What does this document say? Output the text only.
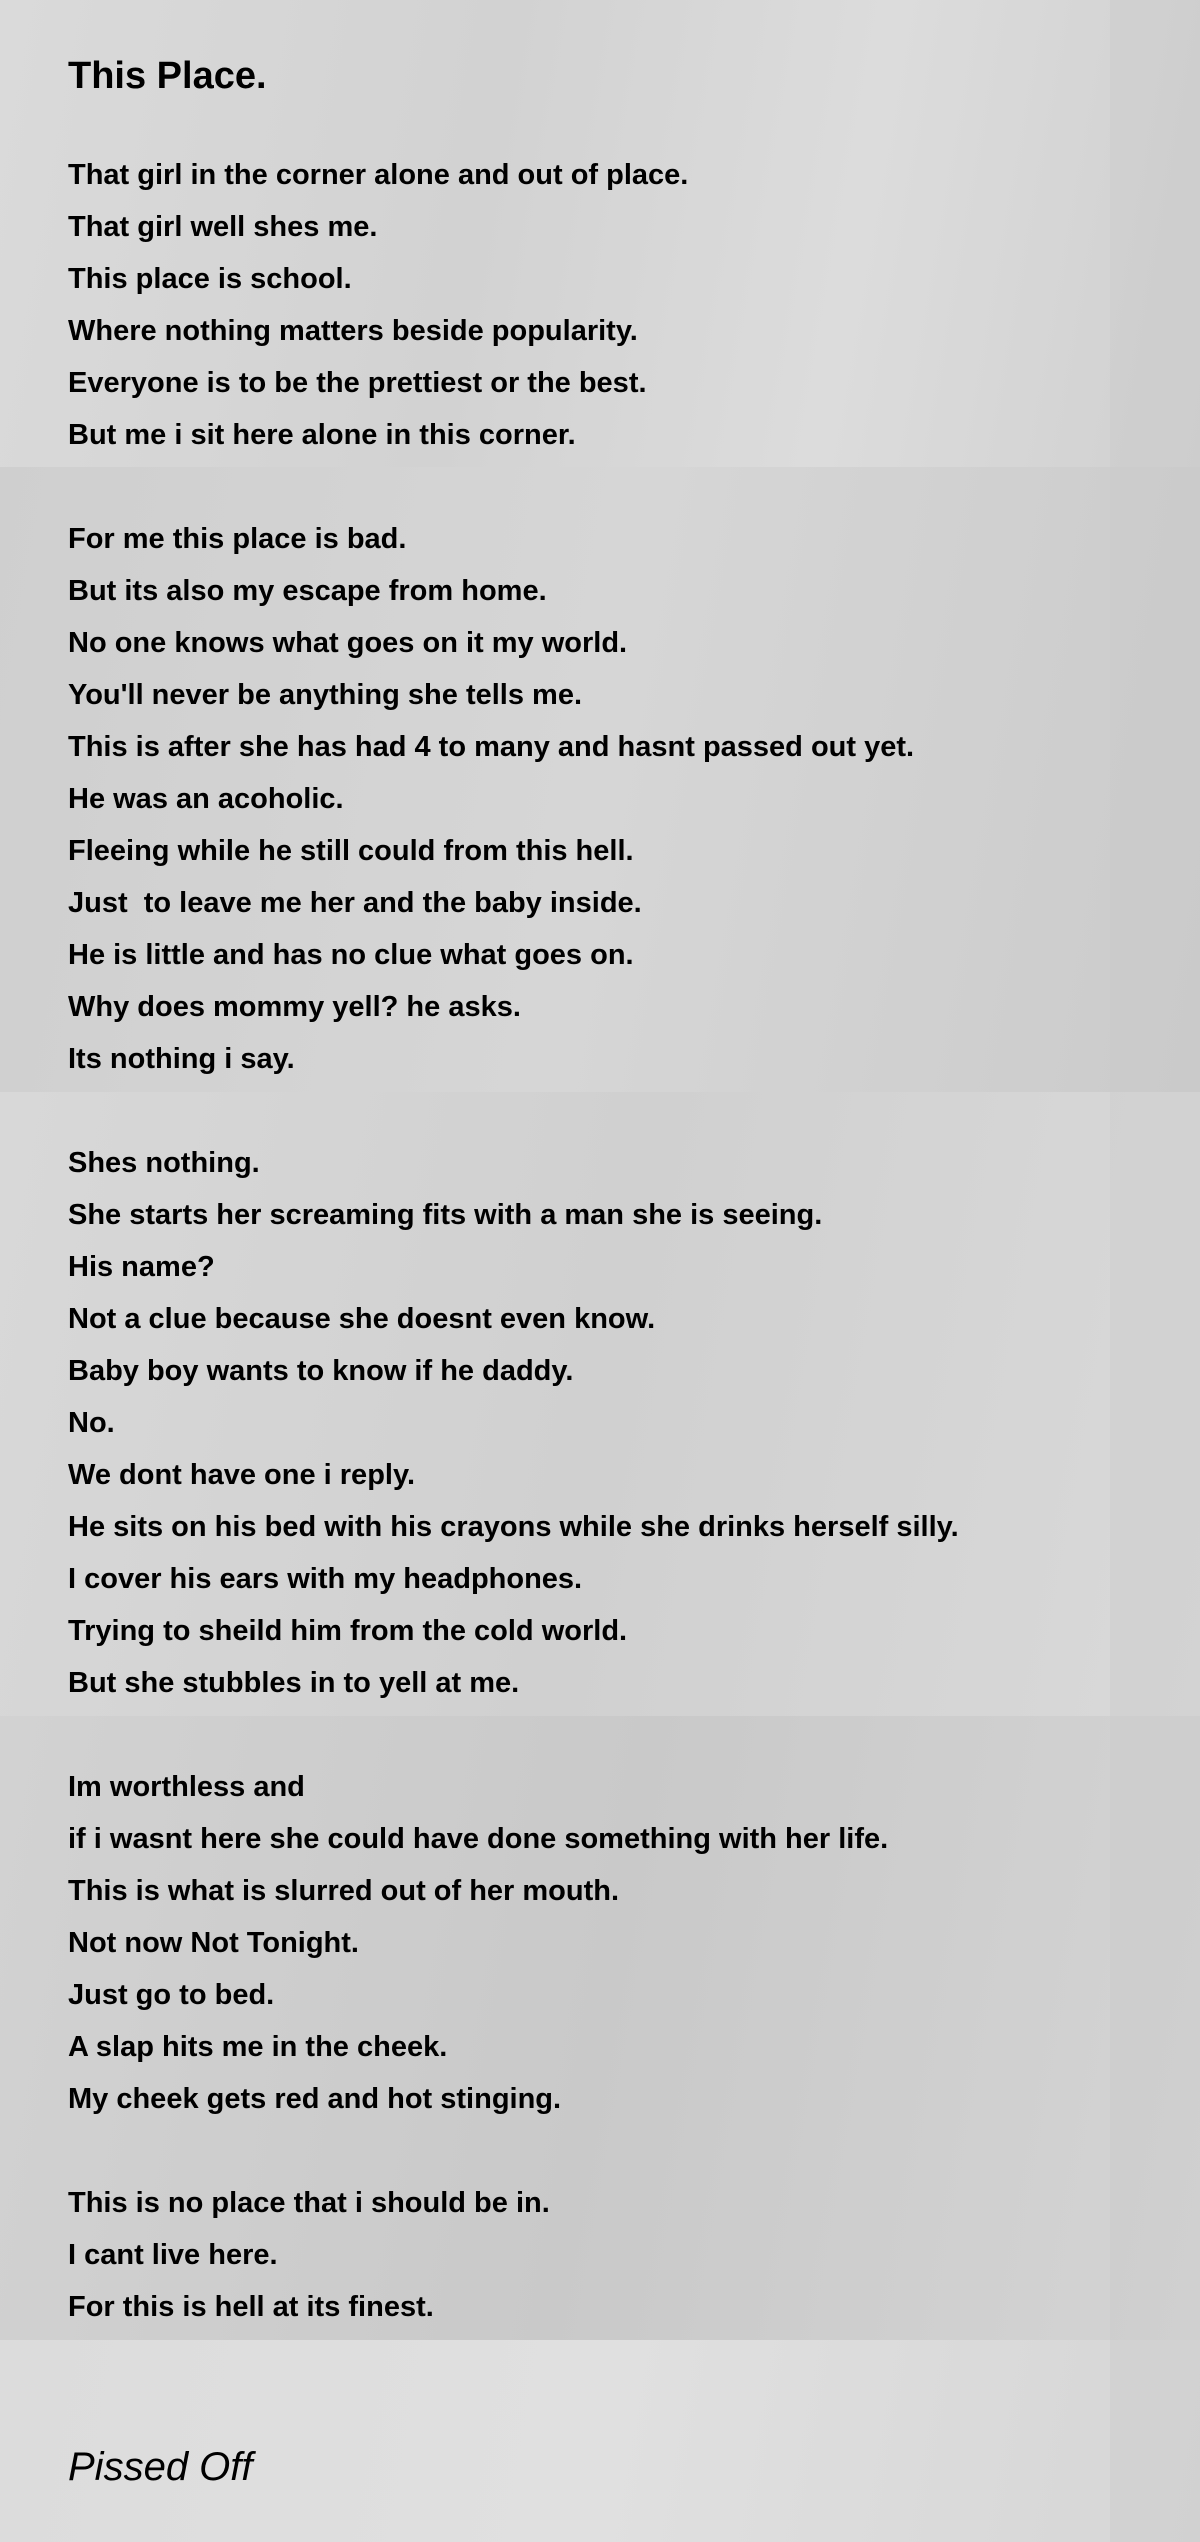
This Place.
That girl in the corner alone and out of place.
That girl well shes me.
This place is school.
Where nothing matters beside popularity.
Everyone is to be the prettiest or the best.
But me i sit here alone in this corner.
For me this place is bad.
But its also my escape from home.
No one knows what goes on it my world.
You'll never be anything she tells me.
This is after she has had 4 to many and hasnt passed out yet.
He was an acoholic.
Fleeing while he still could from this hell.
Just  to leave me her and the baby inside.
He is little and has no clue what goes on.
Why does mommy yell? he asks.
Its nothing i say.
Shes nothing.
She starts her screaming fits with a man she is seeing.
His name?
Not a clue because she doesnt even know.
Baby boy wants to know if he daddy.
No.
We dont have one i reply.
He sits on his bed with his crayons while she drinks herself silly.
I cover his ears with my headphones.
Trying to sheild him from the cold world.
But she stubbles in to yell at me.
Im worthless and
if i wasnt here she could have done something with her life.
This is what is slurred out of her mouth.
Not now Not Tonight.
Just go to bed.
A slap hits me in the cheek.
My cheek gets red and hot stinging.
This is no place that i should be in.
I cant live here.
For this is hell at its finest.
Pissed Off
